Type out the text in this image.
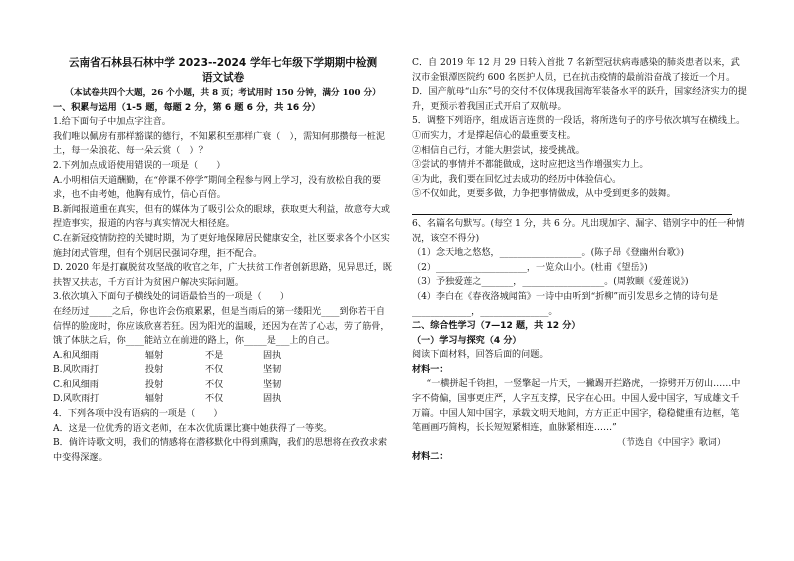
云南省石林县石林中学 2023--2024 学年七年级下学期期中检测

语文试卷

（本试卷共四个大题，26 个小题，共 8 页；考试用时 150 分钟，满分 100 分）

一、积累与运用（1-5 题，每题 2 分，第 6 题 6 分，共 16 分）

1.给下面句子中加点字注音。

我们唯以佩房有那样豁谋的德行，不知累积至那样广衰（　），需知何那攒每一桩泥土，每一朵浪花、每一朵云赏（　）？

2.下列加点成语使用错误的一项是（　　）

A.小明相信天道酬勤，在“停课不停学”期间全程参与网上学习，没有放松自我的要求，也不由考她，他胸有成竹，信心百倍。

B.新闻报道重在真实，但有的媒体为了吸引公众的眼球，获取更大利益，故意夸大或捏造事实，报道的内容与真实情况大相径庭。

C.在新冠疫情防控的关键时期，为了更好地保障居民健康安全，社区要求各个小区实施封闭式管理，但有个别居民强词夺理，拒不配合。

D. 2020 年是打赢脱贫攻坚战的收官之年，广大扶贫工作者创新思路，见异思迁，既扶智又扶志，千方百计为贫困户解决实际问题。

3.依次填入下面句子横线处的词语最恰当的一项是（　　）

在经历过_____之后，你也许会伤痕累累，但是当雨后的第一缕阳光____到你若干自信悍的脸庞时，你应该欣喜若狂。因为阳光的温暖，还因为在苦了心志，劳了筋骨，饿了体肤之后，你____能站立在前进的路上，你_____是___上的自己。

A.和风细雨	辐射	不是	固执
B.风吹雨打	投射	不仅	坚韧
C.和风细雨	投射	不仅	坚韧
D.风吹雨打	辐射	不仅	固执

4．下列各项中没有语病的一项是（　　）

A．这是一位优秀的语文老师，在本次优质课比赛中她获得了一等奖。

B．倘许诗歌文明，我们的情感将在潜移默化中得到熏陶，我们的思想将在孜孜求索中变得深邃。

C．自 2019 年 12 月 29 日转入首批 7 名新型冠状病毒感染的肺炎患者以来，武汉市金银潭医院约 600 名医护人员，已在抗击疫情的最前沿奋战了接近一个月。

D．国产航母“山东”号的交付不仅体现我国海军装备水平的跃升，国家经济实力的提升，更预示着我国正式开启了双航母。

5．调整下列语序，组成语言连贯的一段话，将所选句子的序号依次填写在横线上。

①而实力，才是撑起信心的最重要支柱。

②相信自己行，才能大胆尝试，接受挑战。

③尝试的事情并不都能做成，这时应把这当作增强实力上。

④为此，我们要在回忆过去成功的经历中体验信心。

⑤不仅如此，更要多做，力争把事情做成，从中受到更多的鼓舞。

6、名篇名句默写。(每空 1 分，共 6 分。凡出现加字、漏字、错别字中的任一种情况，该空不得分)

（1）念天地之悠悠，__________________。(陈子昂《登幽州台歌》)

（2）____________________，一览众山小。(杜甫《望岳》)

（3）予独爱莲之_______，__________________。(周敦颐《爱莲说》)

（4）李白在《春夜洛城闻笛》一诗中由听到“折柳”而引发思乡之情的诗句是_____________，_______________。

二、综合性学习（7—12 题，共 12 分）

（一）学习与探究（4 分）

阅读下面材料，回答后面的问题。

材料一：

“一横拼起千钧担，一竖擎起一片天，一撇踢开拦路虎，一捺劈开万仞山……中字不倚偏，国事更庄严，人字互支撑，民字在心田。中国人爱中国字，写成雄文千万篇。中国人知中国字，承载文明天地间，方方正正中国字，稳稳健重有边框，笔笔画画巧简构，长长短短紧相连，血脉紧相连……”

（节选自《中国字》歌词）

材料二：
